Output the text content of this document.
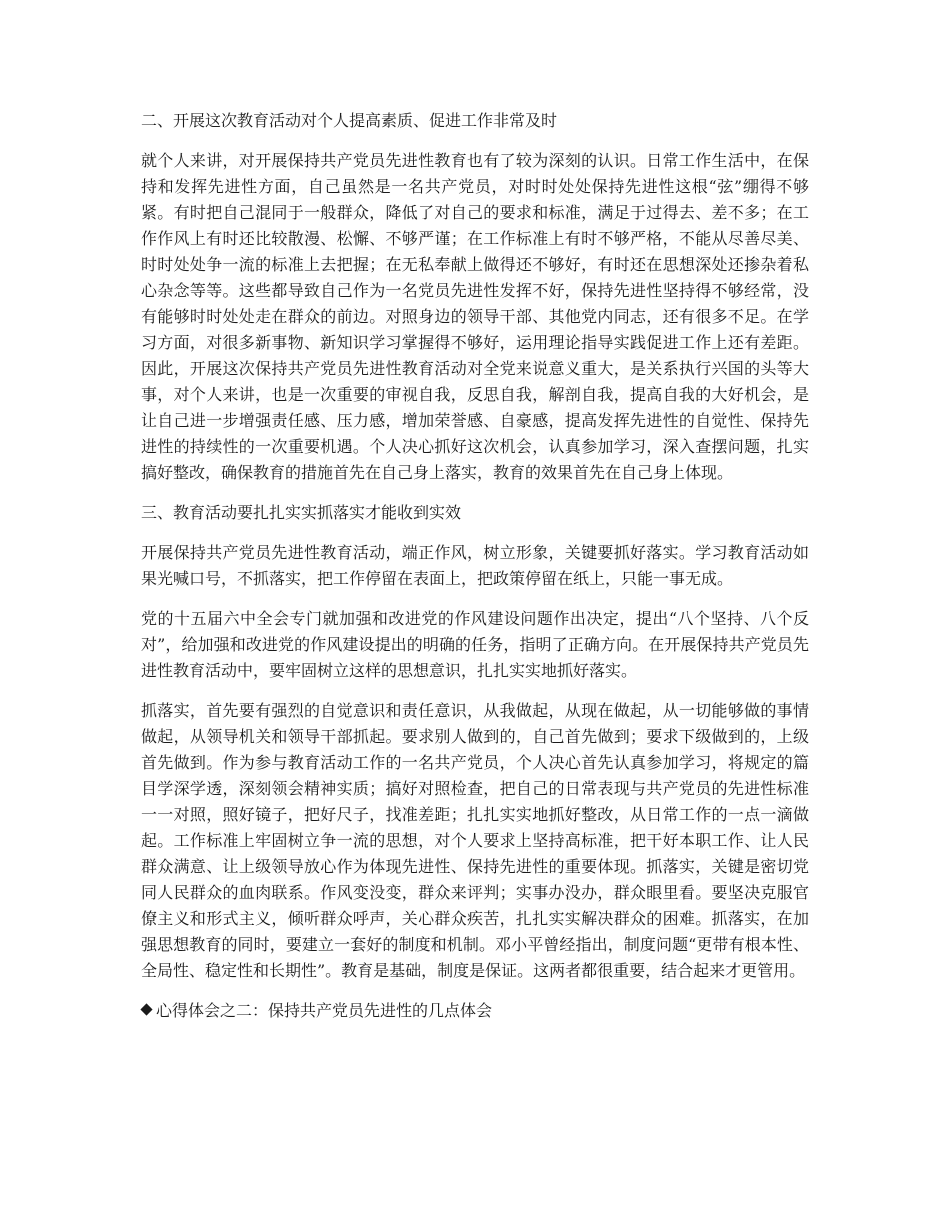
二、开展这次教育活动对个人提高素质、促进工作非常及时
就个人来讲，对开展保持共产党员先进性教育也有了较为深刻的认识。日常工作生活中，在保持和发挥先进性方面，自己虽然是一名共产党员，对时时处处保持先进性这根“弦”绷得不够紧。有时把自己混同于一般群众，降低了对自己的要求和标准，满足于过得去、差不多；在工作作风上有时还比较散漫、松懈、不够严谨；在工作标准上有时不够严格，不能从尽善尽美、时时处处争一流的标准上去把握；在无私奉献上做得还不够好，有时还在思想深处还掺杂着私心杂念等等。这些都导致自己作为一名党员先进性发挥不好，保持先进性坚持得不够经常，没有能够时时处处走在群众的前边。对照身边的领导干部、其他党内同志，还有很多不足。在学习方面，对很多新事物、新知识学习掌握得不够好，运用理论指导实践促进工作上还有差距。因此，开展这次保持共产党员先进性教育活动对全党来说意义重大，是关系执行兴国的头等大事，对个人来讲，也是一次重要的审视自我，反思自我，解剖自我，提高自我的大好机会，是让自己进一步增强责任感、压力感，增加荣誉感、自豪感，提高发挥先进性的自觉性、保持先进性的持续性的一次重要机遇。个人决心抓好这次机会，认真参加学习，深入查摆问题，扎实搞好整改，确保教育的措施首先在自己身上落实，教育的效果首先在自己身上体现。
三、教育活动要扎扎实实抓落实才能收到实效
开展保持共产党员先进性教育活动，端正作风，树立形象，关键要抓好落实。学习教育活动如果光喊口号，不抓落实，把工作停留在表面上，把政策停留在纸上，只能一事无成。
党的十五届六中全会专门就加强和改进党的作风建设问题作出决定，提出“八个坚持、八个反对”，给加强和改进党的作风建设提出的明确的任务，指明了正确方向。在开展保持共产党员先进性教育活动中，要牢固树立这样的思想意识，扎扎实实地抓好落实。
抓落实，首先要有强烈的自觉意识和责任意识，从我做起，从现在做起，从一切能够做的事情做起，从领导机关和领导干部抓起。要求别人做到的，自己首先做到；要求下级做到的，上级首先做到。作为参与教育活动工作的一名共产党员，个人决心首先认真参加学习，将规定的篇目学深学透，深刻领会精神实质；搞好对照检查，把自己的日常表现与共产党员的先进性标准一一对照，照好镜子，把好尺子，找准差距；扎扎实实地抓好整改，从日常工作的一点一滴做起。工作标准上牢固树立争一流的思想，对个人要求上坚持高标准，把干好本职工作、让人民群众满意、让上级领导放心作为体现先进性、保持先进性的重要体现。抓落实，关键是密切党同人民群众的血肉联系。作风变没变，群众来评判；实事办没办，群众眼里看。要坚决克服官僚主义和形式主义，倾听群众呼声，关心群众疾苦，扎扎实实解决群众的困难。抓落实，在加强思想教育的同时，要建立一套好的制度和机制。邓小平曾经指出，制度问题“更带有根本性、全局性、稳定性和长期性”。教育是基础，制度是保证。这两者都很重要，结合起来才更管用。
心得体会之二：保持共产党员先进性的几点体会
